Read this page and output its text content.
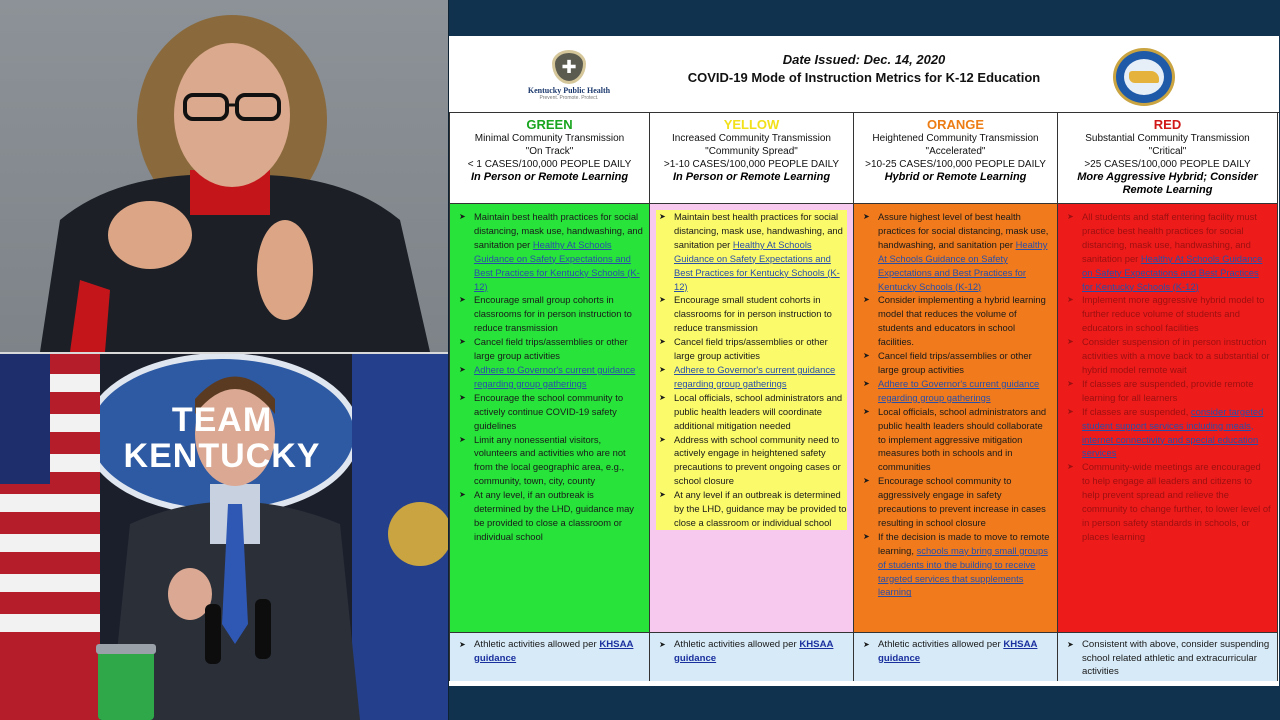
TEAM KENTUCKY
✚
Kentucky Public Health
Prevent. Promote. Protect.
Date Issued: Dec. 14, 2020
COVID-19 Mode of Instruction Metrics for K-12 Education
GREEN
Minimal Community Transmission
"On Track"
< 1 CASES/100,000 PEOPLE DAILY
In Person or Remote Learning
➤ Maintain best health practices for social distancing, mask use, handwashing, and sanitation per Healthy At Schools Guidance on Safety Expectations and Best Practices for Kentucky Schools (K-12)
➤ Encourage small group cohorts in classrooms for in person instruction to reduce transmission
➤ Cancel field trips/assemblies or other large group activities
➤ Adhere to Governor's current guidance regarding group gatherings
➤ Encourage the school community to actively continue COVID-19 safety guidelines
➤ Limit any nonessential visitors, volunteers and activities who are not from the local geographic area, e.g., community, town, city, county
➤ At any level, if an outbreak is determined by the LHD, guidance may be provided to close a classroom or individual school
➤ Athletic activities allowed per KHSAA guidance
YELLOW
Increased Community Transmission
"Community Spread"
>1-10 CASES/100,000 PEOPLE DAILY
In Person or Remote Learning
➤ Maintain best health practices for social distancing, mask use, handwashing, and sanitation per Healthy At Schools Guidance on Safety Expectations and Best Practices for Kentucky Schools (K-12)
➤ Encourage small student cohorts in classrooms for in person instruction to reduce transmission
➤ Cancel field trips/assemblies or other large group activities
➤ Adhere to Governor's current guidance regarding group gatherings
➤ Local officials, school administrators and public health leaders will coordinate additional mitigation needed
➤ Address with school community need to actively engage in heightened safety precautions to prevent ongoing cases or school closure
➤ At any level if an outbreak is determined by the LHD, guidance may be provided to close a classroom or individual school
➤ Athletic activities allowed per KHSAA guidance
ORANGE
Heightened Community Transmission
"Accelerated"
>10-25 CASES/100,000 PEOPLE DAILY
Hybrid or Remote Learning
➤ Assure highest level of best health practices for social distancing, mask use, handwashing, and sanitation per Healthy At Schools Guidance on Safety Expectations and Best Practices for Kentucky Schools (K-12)
➤ Consider implementing a hybrid learning model that reduces the volume of students and educators in school facilities.
➤ Cancel field trips/assemblies or other large group activities
➤ Adhere to Governor's current guidance regarding group gatherings
➤ Local officials, school administrators and public health leaders should collaborate to implement aggressive mitigation measures both in schools and in communities
➤ Encourage school community to aggressively engage in safety precautions to prevent increase in cases resulting in school closure
➤ If the decision is made to move to remote learning, schools may bring small groups of students into the building to receive targeted services that supplements learning
➤ Athletic activities allowed per KHSAA guidance
RED
Substantial Community Transmission
"Critical"
>25 CASES/100,000 PEOPLE DAILY
More Aggressive Hybrid; Consider Remote Learning
➤ All students and staff entering facility must practice best health practices for social distancing, mask use, handwashing, and sanitation per Healthy At Schools Guidance on Safety Expectations and Best Practices for Kentucky Schools (K-12)
➤ Implement more aggressive hybrid model to further reduce volume of students and educators in school facilities
➤ Consider suspension of in person instruction activities with a move back to a substantial or hybrid model remote wait
➤ If classes are suspended, provide remote learning for all learners
➤ If classes are suspended, consider targeted student support services including meals, internet connectivity and special education services
➤ Community-wide meetings are encouraged to help engage all leaders and citizens to help prevent spread and relieve the community to change further, to lower level of in person safety standards in schools, or places learning
➤ Consistent with above, consider suspending school related athletic and extracurricular activities
